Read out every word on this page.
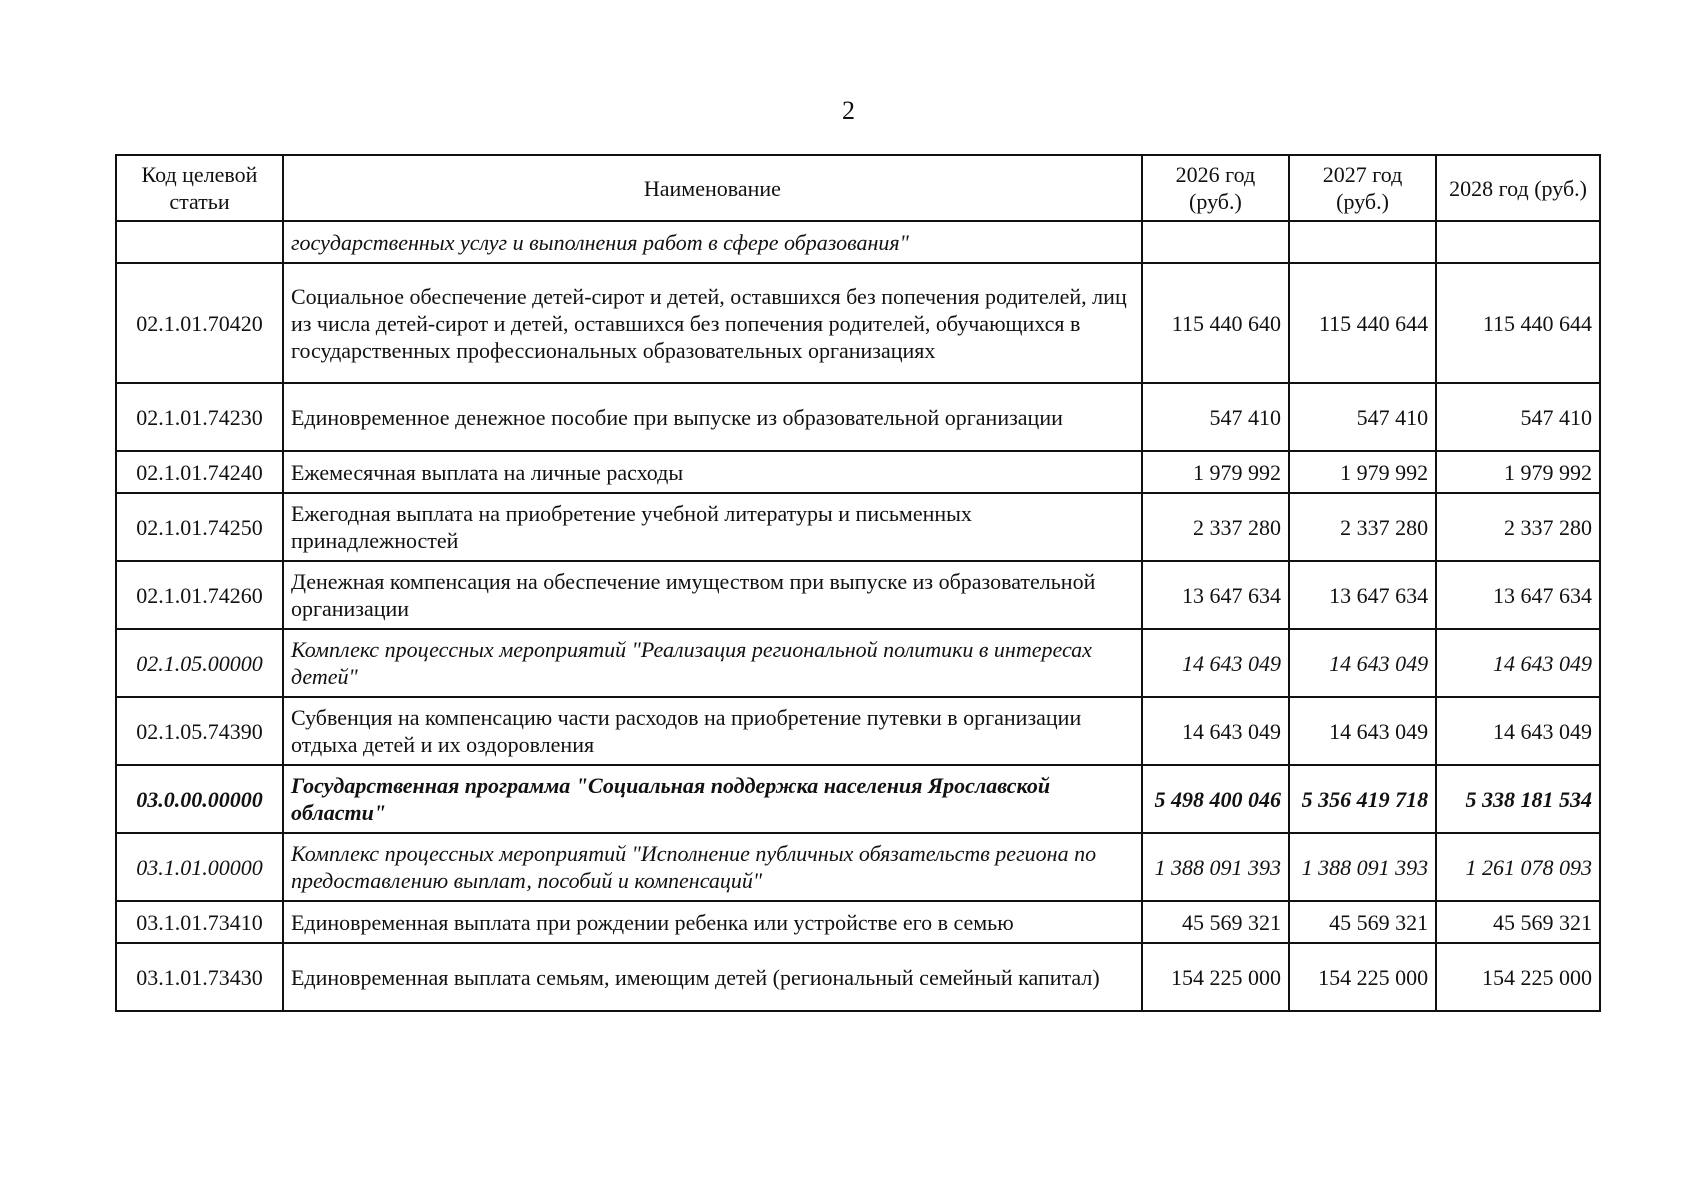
2
Код целевой статьи	Наименование	2026 год (руб.)	2027 год (руб.)	2028 год (руб.)
	государственных услуг и выполнения работ в сфере образования"			
02.1.01.70420	Социальное обеспечение детей-сирот и детей, оставшихся без попечения родителей, лиц из числа детей-сирот и детей, оставшихся без попечения родителей, обучающихся в государственных профессиональных образовательных организациях	115 440 640	115 440 644	115 440 644
02.1.01.74230	Единовременное денежное пособие при выпуске из образовательной организации	547 410	547 410	547 410
02.1.01.74240	Ежемесячная выплата на личные расходы	1 979 992	1 979 992	1 979 992
02.1.01.74250	Ежегодная выплата на приобретение учебной литературы и письменных принадлежностей	2 337 280	2 337 280	2 337 280
02.1.01.74260	Денежная компенсация на обеспечение имуществом при выпуске из образовательной организации	13 647 634	13 647 634	13 647 634
02.1.05.00000	Комплекс процессных мероприятий "Реализация региональной политики в интересах детей"	14 643 049	14 643 049	14 643 049
02.1.05.74390	Субвенция на компенсацию части расходов на приобретение путевки в организации отдыха детей и их оздоровления	14 643 049	14 643 049	14 643 049
03.0.00.00000	Государственная программа "Социальная поддержка населения Ярославской области"	5 498 400 046	5 356 419 718	5 338 181 534
03.1.01.00000	Комплекс процессных мероприятий "Исполнение публичных обязательств региона по предоставлению выплат, пособий и компенсаций"	1 388 091 393	1 388 091 393	1 261 078 093
03.1.01.73410	Единовременная выплата при рождении ребенка или устройстве его в семью	45 569 321	45 569 321	45 569 321
03.1.01.73430	Единовременная выплата семьям, имеющим детей (региональный семейный капитал)	154 225 000	154 225 000	154 225 000
